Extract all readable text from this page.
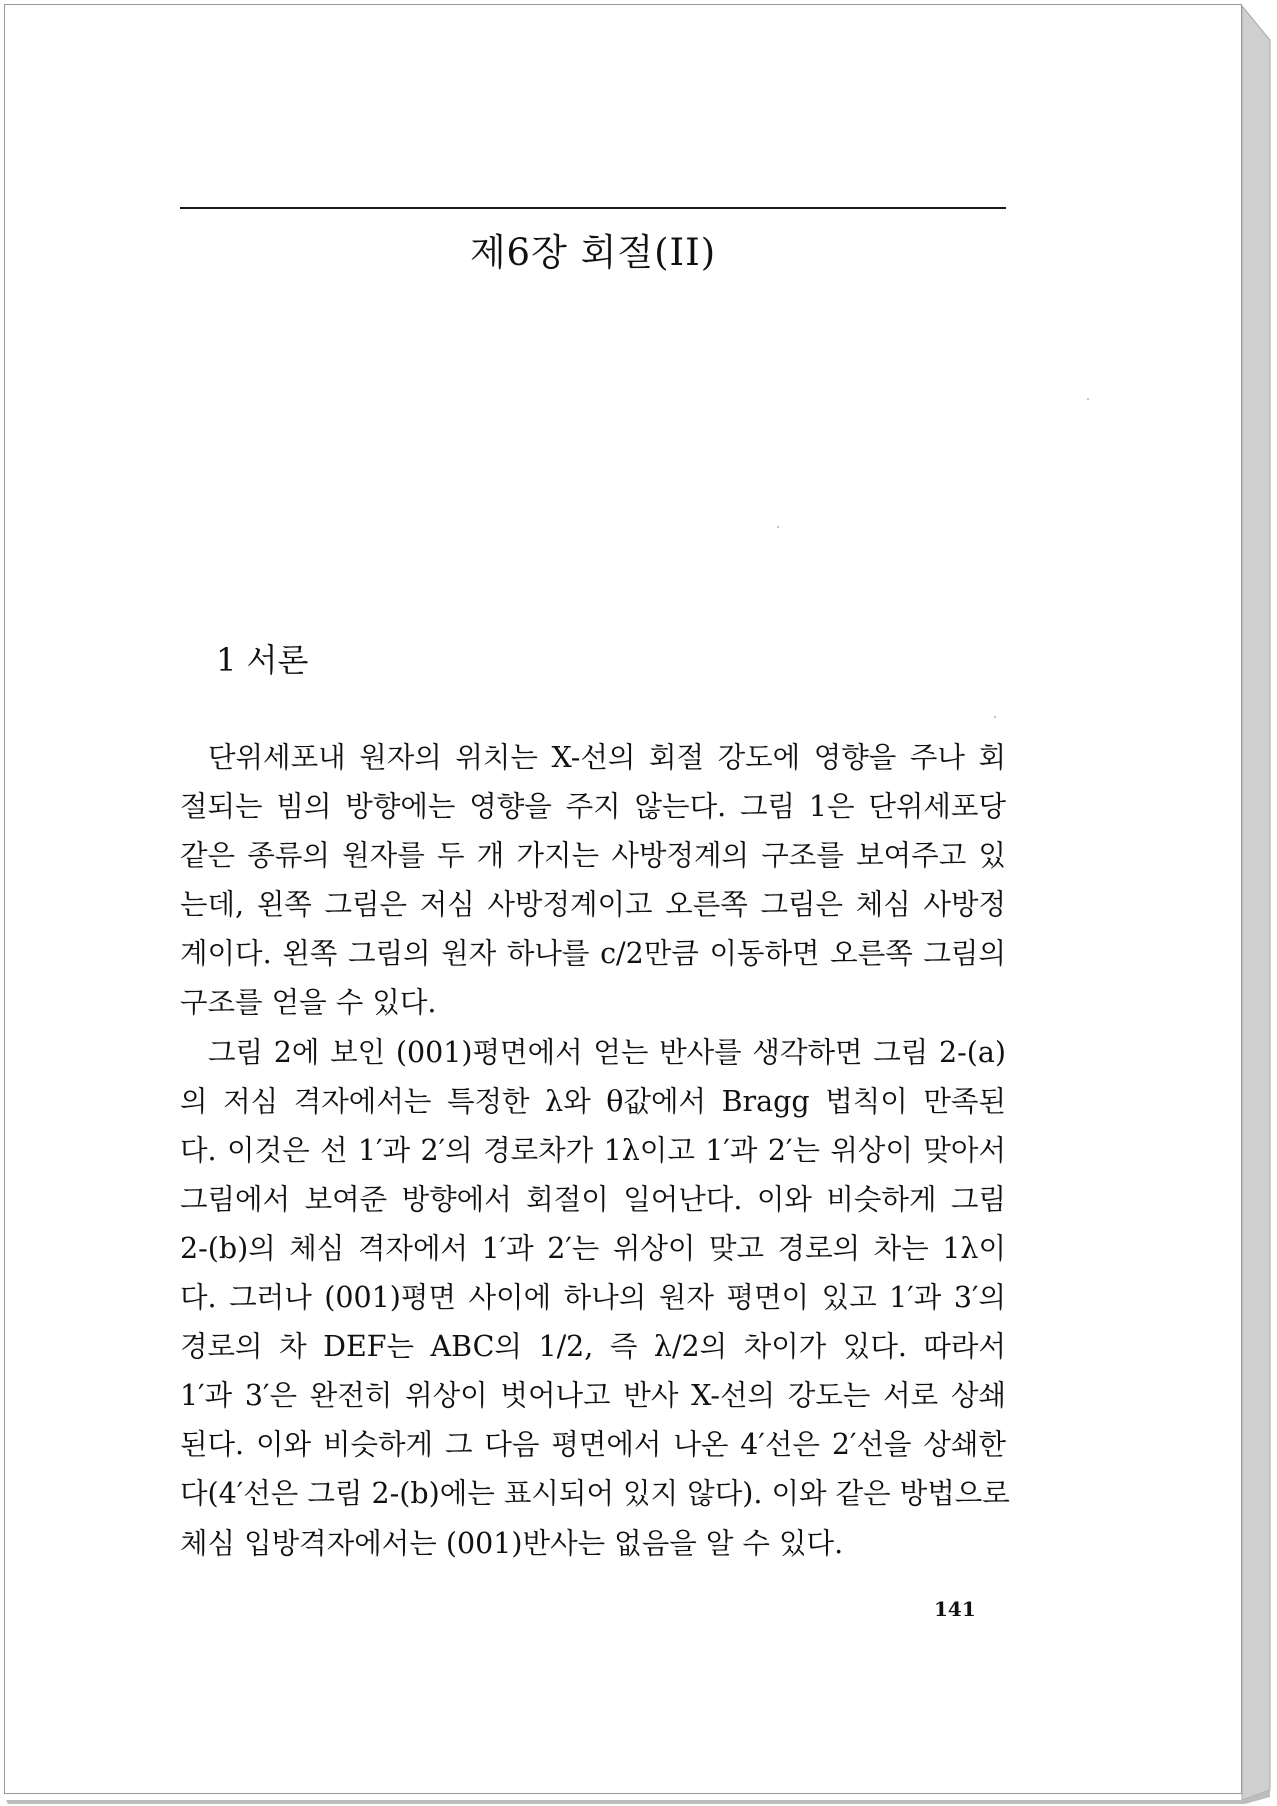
제6장 회절(II)
1 서론
단위세포내 원자의 위치는 X-선의 회절 강도에 영향을 주나 회
절되는 빔의 방향에는 영향을 주지 않는다. 그림 1은 단위세포당
같은 종류의 원자를 두 개 가지는 사방정계의 구조를 보여주고 있
는데, 왼쪽 그림은 저심 사방정계이고 오른쪽 그림은 체심 사방정
계이다. 왼쪽 그림의 원자 하나를 c/2만큼 이동하면 오른쪽 그림의
구조를 얻을 수 있다.
그림 2에 보인 (001)평면에서 얻는 반사를 생각하면 그림 2-(a)
의 저심 격자에서는 특정한 λ와 θ값에서 Bragg 법칙이 만족된
다. 이것은 선 1′과 2′의 경로차가 1λ이고 1′과 2′는 위상이 맞아서
그림에서 보여준 방향에서 회절이 일어난다. 이와 비슷하게 그림
2-(b)의 체심 격자에서 1′과 2′는 위상이 맞고 경로의 차는 1λ이
다. 그러나 (001)평면 사이에 하나의 원자 평면이 있고 1′과 3′의
경로의 차 DEF는 ABC의 1/2, 즉 λ/2의 차이가 있다. 따라서
1′과 3′은 완전히 위상이 벗어나고 반사 X-선의 강도는 서로 상쇄
된다. 이와 비슷하게 그 다음 평면에서 나온 4′선은 2′선을 상쇄한
다(4′선은 그림 2-(b)에는 표시되어 있지 않다). 이와 같은 방법으로
체심 입방격자에서는 (001)반사는 없음을 알 수 있다.
141
